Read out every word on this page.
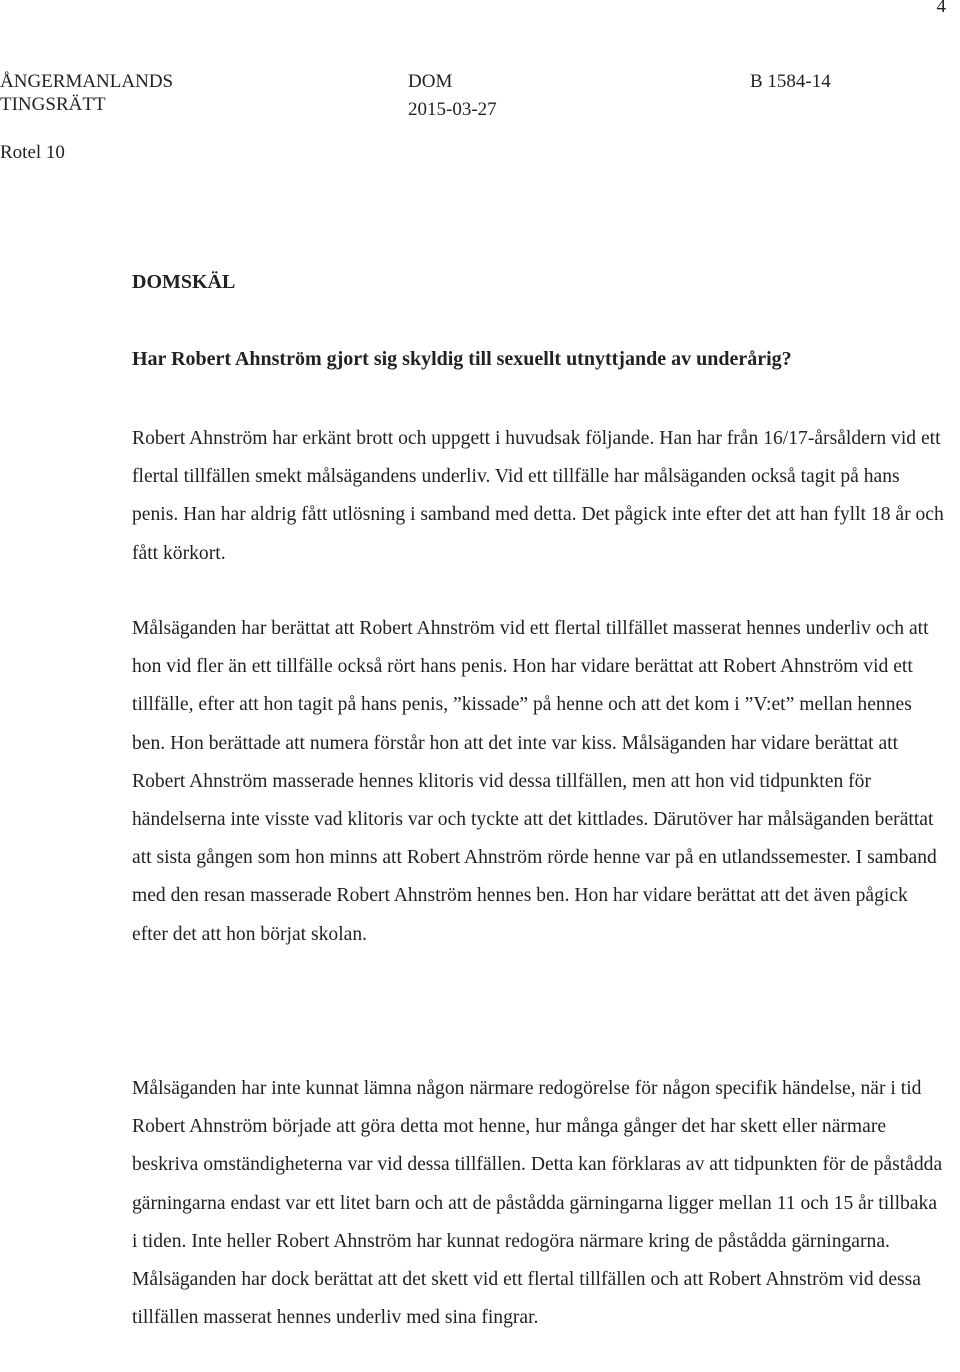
4
ÅNGERMANLANDS
TINGSRÄTT
DOM
2015-03-27
B 1584-14
Rotel 10
DOMSKÄL
Har Robert Ahnström gjort sig skyldig till sexuellt utnyttjande av underårig?

Robert Ahnström har erkänt brott och uppgett i huvudsak följande. Han har från 16/17-årsåldern vid ett flertal tillfällen smekt målsägandens underliv. Vid ett tillfälle har målsäganden också tagit på hans penis. Han har aldrig fått utlösning i samband med detta. Det pågick inte efter det att han fyllt 18 år och fått körkort.

Målsäganden har berättat att Robert Ahnström vid ett flertal tillfället masserat hennes underliv och att hon vid fler än ett tillfälle också rört hans penis. Hon har vidare berättat att Robert Ahnström vid ett tillfälle, efter att hon tagit på hans penis, ”kissade” på henne och att det kom i ”V:et” mellan hennes ben. Hon berättade att numera förstår hon att det inte var kiss. Målsäganden har vidare berättat att Robert Ahnström masserade hennes klitoris vid dessa tillfällen, men att hon vid tidpunkten för händelserna inte visste vad klitoris var och tyckte att det kittlades. Därutöver har målsäganden berättat att sista gången som hon minns att Robert Ahnström rörde henne var på en utlandssemester. I samband med den resan masserade Robert Ahnström hennes ben. Hon har vidare berättat att det även pågick efter det att hon börjat skolan.

Målsäganden har inte kunnat lämna någon närmare redogörelse för någon specifik händelse, när i tid Robert Ahnström började att göra detta mot henne, hur många gånger det har skett eller närmare beskriva omständigheterna var vid dessa tillfällen. Detta kan förklaras av att tidpunkten för de påstådda gärningarna endast var ett litet barn och att de påstådda gärningarna ligger mellan 11 och 15 år tillbaka i tiden. Inte heller Robert Ahnström har kunnat redogöra närmare kring de påstådda gärningarna. Målsäganden har dock berättat att det skett vid ett flertal tillfällen och att Robert Ahnström vid dessa tillfällen masserat hennes underliv med sina fingrar.
